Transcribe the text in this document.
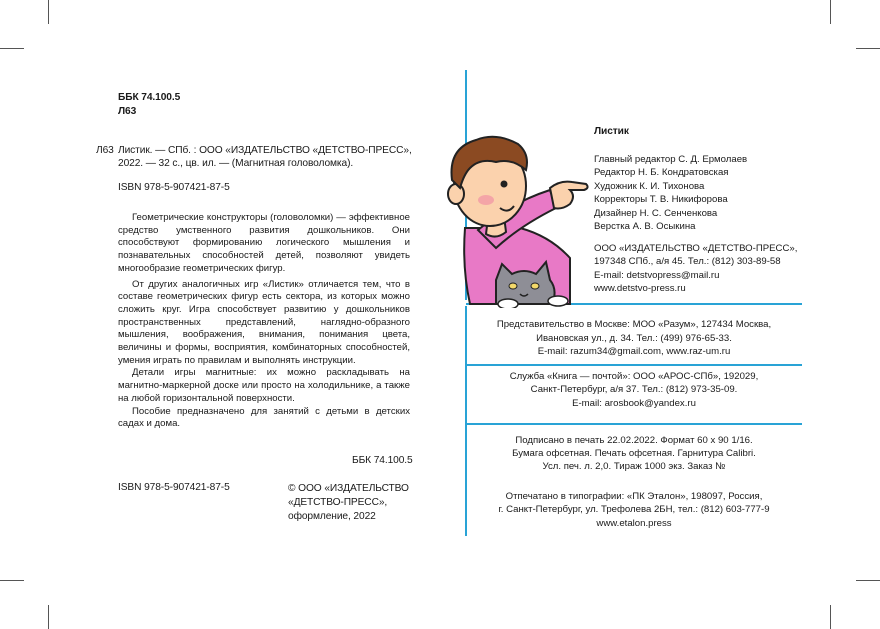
ББК 74.100.5
Л63
Л63 Листик. — СПб. : ООО «ИЗДАТЕЛЬСТВО «ДЕТСТВО-ПРЕСС»,
2022. — 32 с., цв. ил. — (Магнитная головоломка).
ISBN 978-5-907421-87-5

Геометрические конструкторы (головоломки) — эффективное средство умственного развития дошкольников. Они способствуют формированию логического мышления и познавательных способностей детей, позволяют увидеть многообразие геометрических фигур.

От других аналогичных игр «Листик» отличается тем, что в составе геометрических фигур есть сектора, из которых можно сложить круг. Игра способствует развитию у дошкольников пространственных представлений, наглядно-образного мышления, воображения, внимания, понимания цвета, величины и формы, восприятия, комбинаторных способностей, умения играть по правилам и выполнять инструкции.

Детали игры магнитные: их можно раскладывать на магнитно-маркерной доске или просто на холодильнике, а также на любой горизонтальной поверхности.

Пособие предназначено для занятий с детьми в детских садах и дома.

ББК 74.100.5
ISBN 978-5-907421-87-5	© ООО «ИЗДАТЕЛЬСТВО
«ДЕТСТВО-ПРЕСС»,
оформление, 2022
Листик
Главный редактор С. Д. Ермолаев
Редактор Н. Б. Кондратовская
Художник К. И. Тихонова
Корректоры Т. В. Никифорова
Дизайнер Н. С. Сенченкова
Верстка А. В. Осыкина
ООО «ИЗДАТЕЛЬСТВО «ДЕТСТВО-ПРЕСС»,
197348 СПб., а/я 45. Тел.: (812) 303-89-58
E-mail: detstvopress@mail.ru
www.detstvo-press.ru
Представительство в Москве: МОО «Разум», 127434 Москва,
Ивановская ул., д. 34. Тел.: (499) 976-65-33.
E-mail: razum34@gmail.com, www.raz-um.ru
Служба «Книга — почтой»: ООО «АРОС-СПб», 192029,
Санкт-Петербург, а/я 37. Тел.: (812) 973-35-09.
E-mail: arosbook@yandex.ru
Подписано в печать 22.02.2022. Формат 60 х 90 1/16.
Бумага офсетная. Печать офсетная. Гарнитура Calibri.
Усл. печ. л. 2,0. Тираж 1000 экз. Заказ №
Отпечатано в типографии: «ПК Эталон», 198097, Россия,
г. Санкт-Петербург, ул. Трефолева 2БН, тел.: (812) 603-777-9
www.etalon.press
